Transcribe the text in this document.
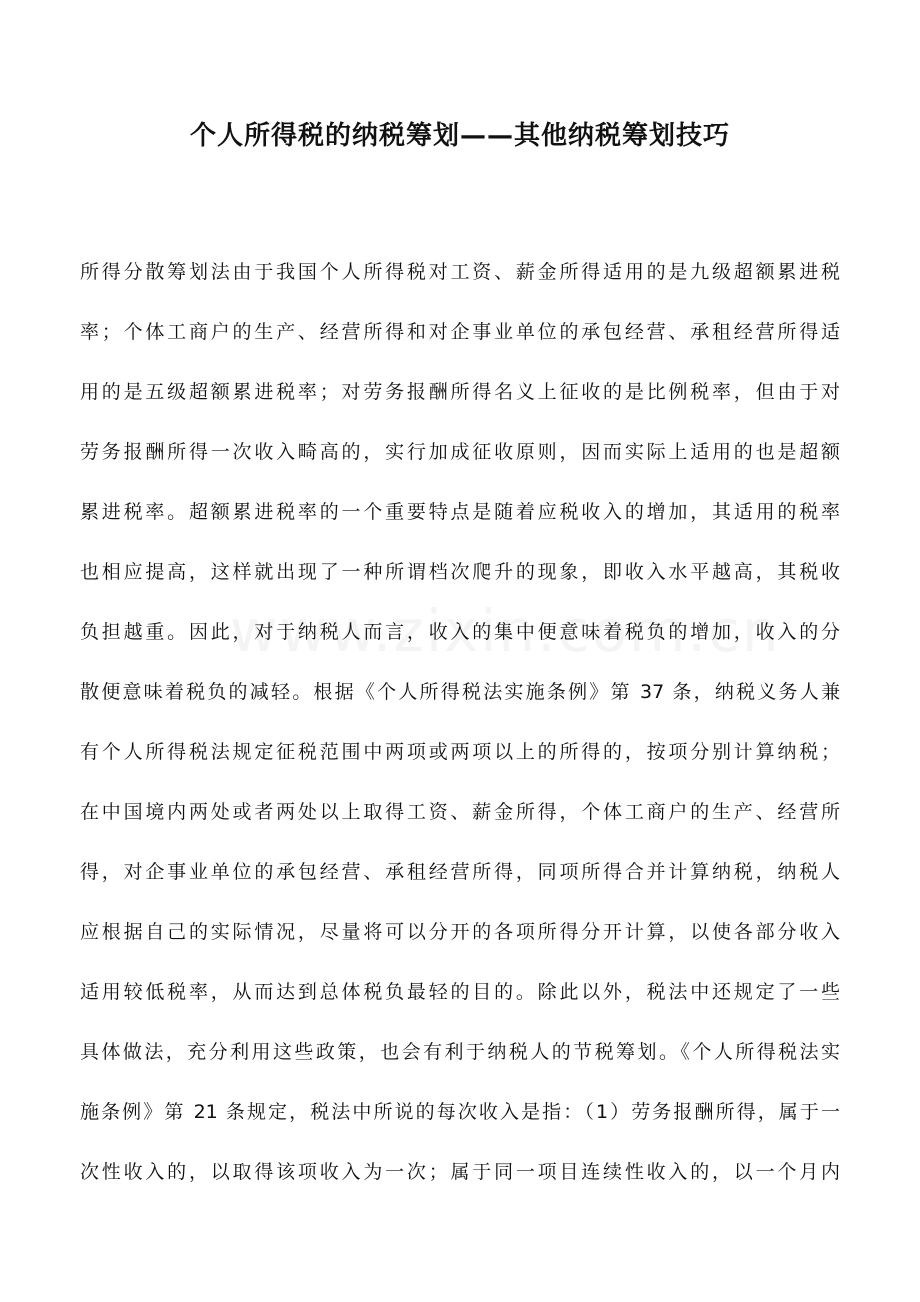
个人所得税的纳税筹划——其他纳税筹划技巧
所得分散筹划法由于我国个人所得税对工资、薪金所得适用的是九级超额累进税
率；个体工商户的生产、经营所得和对企事业单位的承包经营、承租经营所得适
用的是五级超额累进税率；对劳务报酬所得名义上征收的是比例税率，但由于对
劳务报酬所得一次收入畸高的，实行加成征收原则，因而实际上适用的也是超额
累进税率。超额累进税率的一个重要特点是随着应税收入的增加，其适用的税率
也相应提高，这样就出现了一种所谓档次爬升的现象，即收入水平越高，其税收
负担越重。因此，对于纳税人而言，收入的集中便意味着税负的增加，收入的分
散便意味着税负的减轻。根据《个人所得税法实施条例》第 37 条，纳税义务人兼
有个人所得税法规定征税范围中两项或两项以上的所得的，按项分别计算纳税；
在中国境内两处或者两处以上取得工资、薪金所得，个体工商户的生产、经营所
得，对企事业单位的承包经营、承租经营所得，同项所得合并计算纳税，纳税人
应根据自己的实际情况，尽量将可以分开的各项所得分开计算，以使各部分收入
适用较低税率，从而达到总体税负最轻的目的。除此以外，税法中还规定了一些
具体做法，充分利用这些政策，也会有利于纳税人的节税筹划。《个人所得税法实
施条例》第 21 条规定，税法中所说的每次收入是指：（1）劳务报酬所得，属于一
次性收入的，以取得该项收入为一次；属于同一项目连续性收入的，以一个月内
